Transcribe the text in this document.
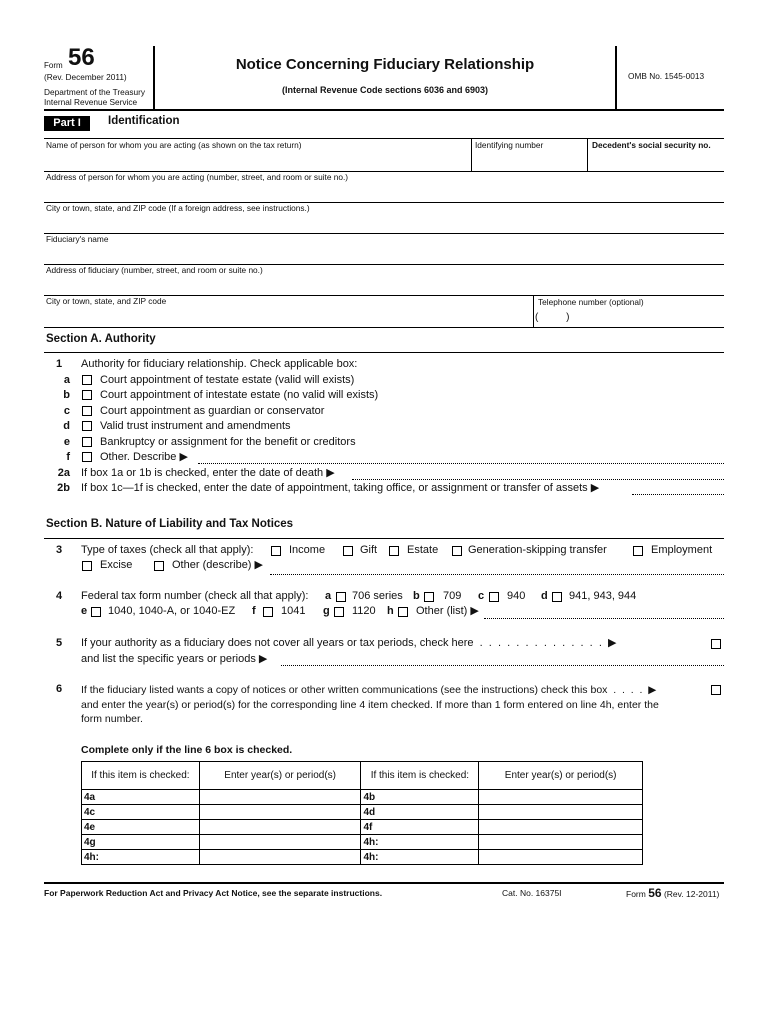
Form 56
(Rev. December 2011)
Department of the Treasury
Internal Revenue Service
Notice Concerning Fiduciary Relationship
(Internal Revenue Code sections 6036 and 6903)
OMB No. 1545-0013
Part I	Identification
Name of person for whom you are acting (as shown on the tax return)	Identifying number	Decedent's social security no.
Address of person for whom you are acting (number, street, and room or suite no.)
City or town, state, and ZIP code (If a foreign address, see instructions.)
Fiduciary's name
Address of fiduciary (number, street, and room or suite no.)
City or town, state, and ZIP code	Telephone number (optional)
(          )
Section A. Authority
1 Authority for fiduciary relationship. Check applicable box:
a	Court appointment of testate estate (valid will exists)
b	Court appointment of intestate estate (no valid will exists)
c	Court appointment as guardian or conservator
d	Valid trust instrument and amendments
e	Bankruptcy or assignment for the benefit or creditors
f	Other. Describe ▶
2a If box 1a or 1b is checked, enter the date of death ▶
2b If box 1c—1f is checked, enter the date of appointment, taking office, or assignment or transfer of assets ▶
Section B. Nature of Liability and Tax Notices
3 Type of taxes (check all that apply):	Income	Gift	Estate	Generation-skipping transfer	Employment
Excise	Other (describe) ▶
4 Federal tax form number (check all that apply): a 706 series b 709 c 940 d 941, 943, 944
e 1040, 1040-A, or 1040-EZ f 1041 g 1120 h Other (list) ▶
5 If your authority as a fiduciary does not cover all years or tax periods, check here  .  .  .  .  .  .  .  .  .  .  .  .  .  .  ▶
and list the specific years or periods ▶
6 If the fiduciary listed wants a copy of notices or other written communications (see the instructions) check this box  .  .  .  .  ▶
and enter the year(s) or period(s) for the corresponding line 4 item checked. If more than 1 form entered on line 4h, enter the
form number.
Complete only if the line 6 box is checked.
If this item is checked:	Enter year(s) or period(s)	If this item is checked:	Enter year(s) or period(s)
4a		4b	
4c		4d	
4e		4f	
4g		4h:	
4h:		4h:	
For Paperwork Reduction Act and Privacy Act Notice, see the separate instructions.	Cat. No. 16375I	Form 56 (Rev. 12-2011)
